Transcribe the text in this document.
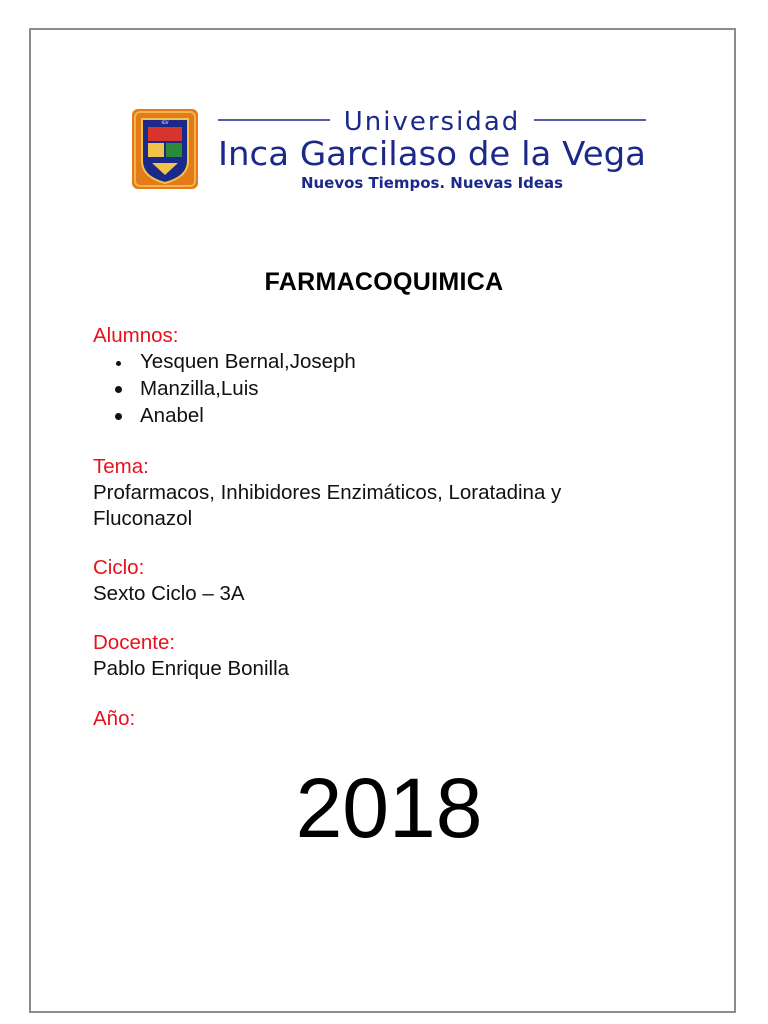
IGV	Universidad
Inca Garcilaso de la Vega
Nuevos Tiempos. Nuevas Ideas
FARMACOQUIMICA
Alumnos:
Yesquen Bernal,Joseph
Manzilla,Luis
Anabel
Tema:
Profarmacos, Inhibidores Enzimáticos, Loratadina y
Fluconazol
Ciclo:
Sexto Ciclo – 3A
Docente:
Pablo Enrique Bonilla
Año:
2018
